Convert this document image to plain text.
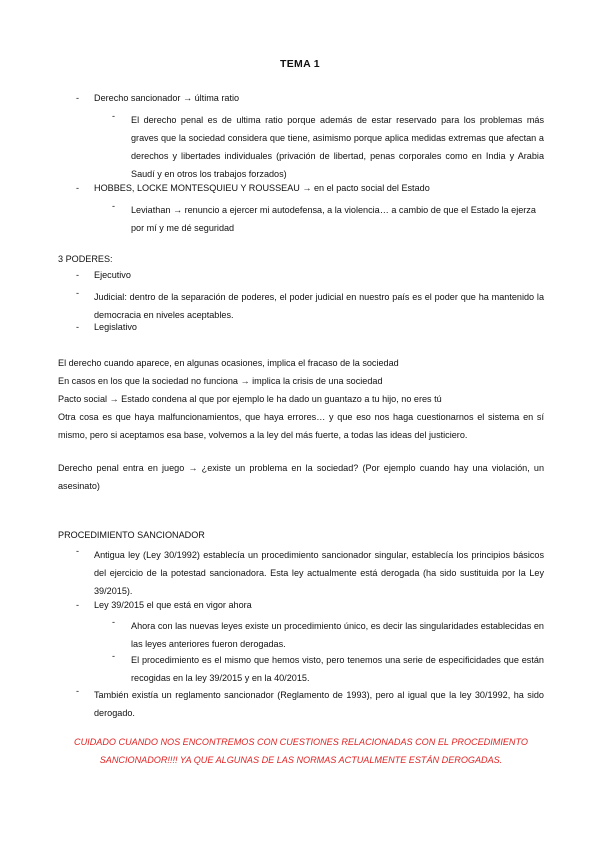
TEMA 1
-	Derecho sancionador → última ratio
-	El derecho penal es de ultima ratio porque además de estar reservado para los problemas más graves que la sociedad considera que tiene, asimismo porque aplica medidas extremas que afectan a derechos y libertades individuales (privación de libertad, penas corporales como en India y Arabia Saudí y en otros los trabajos forzados)
-	HOBBES, LOCKE MONTESQUIEU Y ROUSSEAU → en el pacto social del Estado
-	Leviathan → renuncio a ejercer mi autodefensa, a la violencia… a cambio de que el Estado la ejerza por mí y me dé seguridad
3 PODERES:
-	Ejecutivo
-	Judicial: dentro de la separación de poderes, el poder judicial en nuestro país es el poder que ha mantenido la democracia en niveles aceptables.
-	Legislativo
El derecho cuando aparece, en algunas ocasiones, implica el fracaso de la sociedad
En casos en los que la sociedad no funciona → implica la crisis de una sociedad
Pacto social → Estado condena al que por ejemplo le ha dado un guantazo a tu hijo, no eres tú
Otra cosa es que haya malfuncionamientos, que haya errores… y que eso nos haga cuestionarnos el sistema en sí mismo, pero si aceptamos esa base, volvemos a la ley del más fuerte, a todas las ideas del justiciero.
Derecho penal entra en juego → ¿existe un problema en la sociedad? (Por ejemplo cuando hay una violación, un asesinato)
PROCEDIMIENTO SANCIONADOR
-	Antigua ley (Ley 30/1992) establecía un procedimiento sancionador singular, establecía los principios básicos del ejercicio de la potestad sancionadora. Esta ley actualmente está derogada (ha sido sustituida por la Ley 39/2015).
-	Ley 39/2015 el que está en vigor ahora
-	Ahora con las nuevas leyes existe un procedimiento único, es decir las singularidades establecidas en las leyes anteriores fueron derogadas.
-	El procedimiento es el mismo que hemos visto, pero tenemos una serie de especificidades que están recogidas en la ley 39/2015 y en la 40/2015.
-	También existía un reglamento sancionador (Reglamento de 1993), pero al igual que la ley 30/1992, ha sido derogado.
CUIDADO CUANDO NOS ENCONTREMOS CON CUESTIONES RELACIONADAS CON EL PROCEDIMIENTO SANCIONADOR!!!! YA QUE ALGUNAS DE LAS NORMAS ACTUALMENTE ESTÁN DEROGADAS.
